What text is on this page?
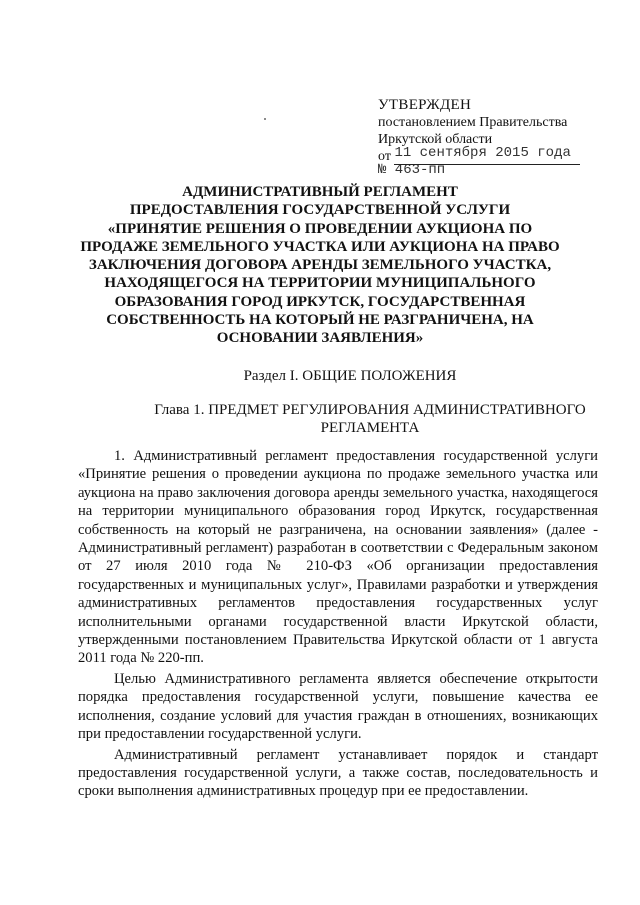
УТВЕРЖДЕН
постановлением Правительства
Иркутской области
от 11 сентября 2015 года
№ 463-пп
АДМИНИСТРАТИВНЫЙ РЕГЛАМЕНТ
ПРЕДОСТАВЛЕНИЯ ГОСУДАРСТВЕННОЙ УСЛУГИ
«ПРИНЯТИЕ РЕШЕНИЯ О ПРОВЕДЕНИИ АУКЦИОНА ПО
ПРОДАЖЕ ЗЕМЕЛЬНОГО УЧАСТКА ИЛИ АУКЦИОНА НА ПРАВО
ЗАКЛЮЧЕНИЯ ДОГОВОРА АРЕНДЫ ЗЕМЕЛЬНОГО УЧАСТКА,
НАХОДЯЩЕГОСЯ НА ТЕРРИТОРИИ МУНИЦИПАЛЬНОГО
ОБРАЗОВАНИЯ ГОРОД ИРКУТСК, ГОСУДАРСТВЕННАЯ
СОБСТВЕННОСТЬ НА КОТОРЫЙ НЕ РАЗГРАНИЧЕНА, НА
ОСНОВАНИИ ЗАЯВЛЕНИЯ»
Раздел I. ОБЩИЕ ПОЛОЖЕНИЯ
Глава 1. ПРЕДМЕТ РЕГУЛИРОВАНИЯ АДМИНИСТРАТИВНОГО
РЕГЛАМЕНТА

1. Административный регламент предоставления государственной услуги «Принятие решения о проведении аукциона по продаже земельного участка или аукциона на право заключения договора аренды земельного участка, находящегося на территории муниципального образования город Иркутск, государственная собственность на который не разграничена, на основании заявления» (далее - Административный регламент) разработан в соответствии с Федеральным законом от 27 июля 2010 года № 210-ФЗ «Об организации предоставления государственных и муниципальных услуг», Правилами разработки и утверждения административных регламентов предоставления государственных услуг исполнительными органами государственной власти Иркутской области, утвержденными постановлением Правительства Иркутской области от 1 августа 2011 года № 220-пп.

Целью Административного регламента является обеспечение открытости порядка предоставления государственной услуги, повышение качества ее исполнения, создание условий для участия граждан в отношениях, возникающих при предоставлении государственной услуги.

Административный регламент устанавливает порядок и стандарт предоставления государственной услуги, а также состав, последовательность и сроки выполнения административных процедур при ее предоставлении.
